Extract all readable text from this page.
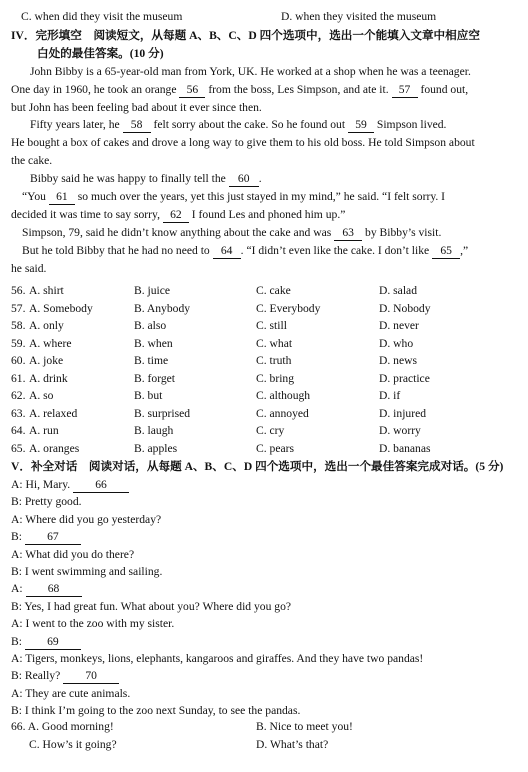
C. when did they visit the museum	D. when they visited the museum
IV．完形填空　阅读短文，从每题 A、B、C、D 四个选项中，选出一个能填入文章中相应空
白处的最佳答案。(10 分)
John Bibby is a 65-year-old man from York, UK. He worked at a shop when he was a teenager.
One day in 1960, he took an orange 56 from the boss, Les Simpson, and ate it. 57 found out,
but John has been feeling bad about it ever since then.
Fifty years later, he 58 felt sorry about the cake. So he found out 59 Simpson lived.
He bought a box of cakes and drove a long way to give them to his old boss. He told Simpson about
the cake.
Bibby said he was happy to finally tell the 60 .
“You 61 so much over the years, yet this just stayed in my mind,” he said. “I felt sorry. I
decided it was time to say sorry, 62 I found Les and phoned him up.”
Simpson, 79, said he didn’t know anything about the cake and was 63 by Bibby’s visit.
But he told Bibby that he had no need to 64 . “I didn’t even like the cake. I don’t like 65 ,”
he said.
56. A. shirt	B. juice	C. cake	D. salad
57. A. Somebody	B. Anybody	C. Everybody	D. Nobody
58. A. only	B. also	C. still	D. never
59. A. where	B. when	C. what	D. who
60. A. joke	B. time	C. truth	D. news
61. A. drink	B. forget	C. bring	D. practice
62. A. so	B. but	C. although	D. if
63. A. relaxed	B. surprised	C. annoyed	D. injured
64. A. run	B. laugh	C. cry	D. worry
65. A. oranges	B. apples	C. pears	D. bananas
V．补全对话　阅读对话，从每题 A、B、C、D 四个选项中，选出一个最佳答案完成对话。(5 分)
A: Hi, Mary. 66
B: Pretty good.
A: Where did you go yesterday?
B: 67
A: What did you do there?
B: I went swimming and sailing.
A: 68
B: Yes, I had great fun. What about you? Where did you go?
A: I went to the zoo with my sister.
B: 69
A: Tigers, monkeys, lions, elephants, kangaroos and giraffes. And they have two pandas!
B: Really? 70
A: They are cute animals.
B: I think I’m going to the zoo next Sunday, to see the pandas.
66. A. Good morning!	B. Nice to meet you!
C. How’s it going?	D. What’s that?
